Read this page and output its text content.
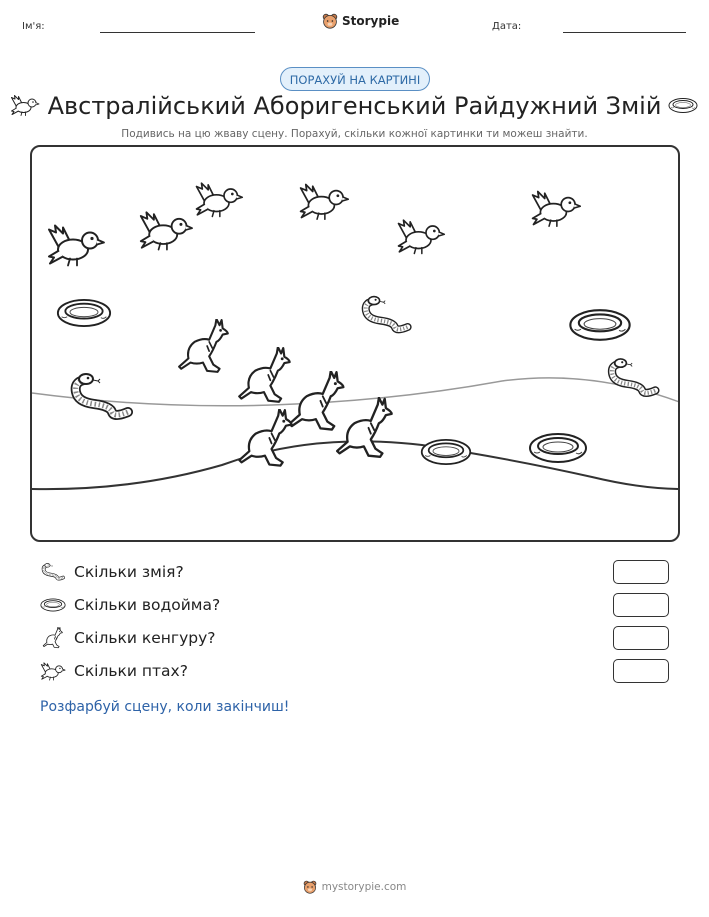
Ім'я:	Storypie	Дата:
ПОРАХУЙ НА КАРТИНІ
Австралійський Аборигенський Райдужний Змій
Подивись на цю жваву сцену. Порахуй, скільки кожної картинки ти можеш знайти.
Скільки змія?
Скільки водойма?
Скільки кенгуру?
Скільки птах?
Розфарбуй сцену, коли закінчиш!
mystorypie.com
